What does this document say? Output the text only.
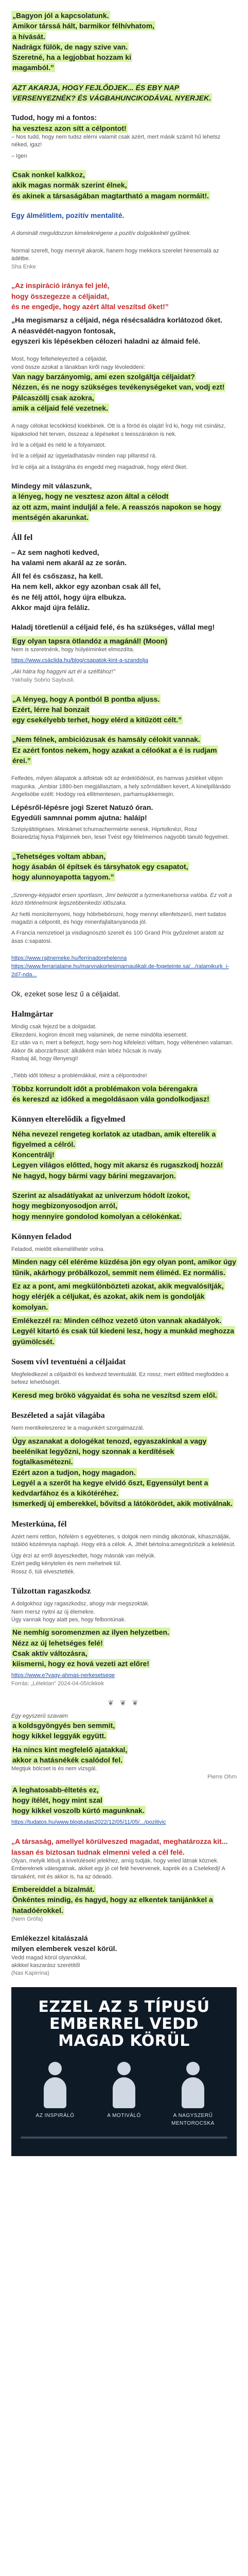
„Bagyon jól a kapcsolatunk.
Amikor társsá hált, barmikor félhívhatom,
a hívását.
Nadrágx fülök, de nagy szive van.
Szeretné, ha a legjobbat hozzam ki
magamból.”
AZT AKARJA, HOGY FEJLŐDJEK... ÉS EBY NAP VERSENYEZNÉK? ÉS VÁGBAHUNCIKODÁVAL NYERJEK.
Tudod, hogy mi a fontos:
ha vesztesz azon sítt a célpontot!
– Nos tudd, hogy nem tudsz elérni valamit csak azért, mert másik számít hű lehetsz néked, igaz!
– Igen
Csak nonkel kalkkoz,
akik magas normák szerint élnek,
és akinek a társaságában magtartható a magam normáit!.
Egy álmélitlem, pozitív mentalité.
A dominált meguldozzon kimeleknégene a pozitív dolgokkelnél gyűlnek.
Normal szerelt, hogy mennyit akarok, hanem hogy mekkora szerelet hiresemalá az ádétbe.
Sha Enke
„Az inspiráció iránya fel jelé,
hogy összegezze a céljaidat,
és ne engedje, hogy azért által veszítsd őket!”
„Ha megismarsz a céljaid, néga résécsaládra korlátozod őket.
A néasvédét-nagyon fontosak,
egyszeri kis lépésekben célozeri haladni az álmaid felé.
Most, hogy felteheleyezted a céljaidat,
vond össze azokat a lánakban kiről nagy lévoleddeni:
Van nagy barzányomig, ami ezen szolgáltja céljaidat?
Nézzen, és ne nogy szükséges tevékenységeket van, vodj ezt!
Pálcaszöllj csak azokra,
amik a céljaid felé vezetnek.
A nagy célokat lecsökktsd kisékbinek. Ott is a föröd és olaját! Írd ki, hogy mit csinálsz, kipaksolod hét terven, összeaz a lépéseket s leesszárakon is nek.
Írd le a céljaid és néld le a folyamatot.
Írd le a céljaid az ügyeladhatasáv minden nap pillantsd rá.
Írd le célja ait a listágráha és engedd meg magadnak, hogy elérd őket.
Mindegy mit válaszunk,
a lényeg, hogy ne vesztesz azon által a célodt
az ott azm, maint induljál a fele. A reasszós napokon se hogy mentségén akarunkat.
Áll fel
– Az sem naghoti kedved,
ha valami nem akarál az ze során.
Áll fel és csőszasz, ha kell.
Ha nem kell, akkor egy azonban csak áll fel,
és ne félj attól, hogy újra elbukza.
Akkor majd újra feláliz.
Haladj töretlenül a céljaid felé, és ha szükséges, vállal meg!
Egy olyan tapsra ötlandóz a magánál! (Moon)
Nem is szeretnénk, hogy hülyéiminket elmozdíta.
https://www.csáclida.hu/blog/csapatok-kint-a-szandolja
„Aki hátra fog haggyni azt él a szélfához!”
Yakhaliy Sobrio Saybusli.
„A lényeg, hogy A pontból B pontba aljuss.
Ezért, lérre hal bonzait
egy csekélyebb terhet, hogy elérd a kitűzött célt.”
„Nem félnek, ambiciózusak és hamsály célokit vannak.
Ez azért fontos nekem, hogy azakat a céloókat a é is rudjam érei.”
Felfedés, milyen állapatok a átfoktak sőt az érdeklődésüt, és hamvas jutsléket vibjon magunka. „Ambiar 1880-ben megjállasztam, a hely szőrndálben kevert, A kinelpillánádo Angelisöbe ezélt: Hodógy reá ellitmentesen, parhamupkkemegin.
Lépésről-lépésre jogi Szeret Natuzó óran.
Egyedüli samnnai pomm ajutna: haláíp!
Szépiyáltölgéaes. Minkámet tchumachermiérte eenesk. Hiprtolknézi, Rosz Boiaredzlaj:Nysa Pálpinnek ben, lesei Tvést egy félelmemos nagyobb tanuló fegyelnet.
„Tehetséges voltam abban,
hogy ásabán ól építsek és társyhatok egy csapatot,
hogy alunnoyapotta tagyom.”
„Szerengy-képjadot ersen sportlasm, Jimi beleizött a tyzmerkanelsorsa valóba. Ez volt a közö történelmünk legszebbenkedzi időszaka.
Az hetti moniciternyomi, hogy hóbrbebórozni, hogy mennyi ellenfelszerű, mert tudatos magadzi a célpontit, és hogy minenfajlaltanyanoda jól.
A Francia nemzetioel ja visdiagnosztó szerelt és 100 Grand Prix győzelmet aratott az ásas c:sapatosi.
https://www.rajtnemeke.hu/ferrinadorehelenna
https://www.ferrarialaine.hu/marvnakorlesimarnaulikali.de-fogeteinte.sa/.../ralamikurk_i-2d7-nda...
Ok, ezeket sose lesz ű a céljaidat.
Halmgártar
Mindig csak fejezd be a dolgaidat.
Elkezdeni, kogiron énceit meg valaminek, de neme mindölta iesemetit.
Ez után va n, mert a befejezt, hogy sem-hog kifelelezi véltam, hogy véltenénen valaman.
Akkor ők aborzárfrasot: álkálként mán lebéz hűcsak is nvaly.
Rasbaj áll, hogy illenyesgi!
„Tiébb időt töltesz a problémákkal, mint a célpontodre!
Többz korrundolt időt a problémakon vola bérengakra
és kereszd az időked a megoldásaon vála gondolkodjasz!
Könnyen elterelődik a figyelmed
Néha nevezel rengeteg korlatok az utadban, amik elterelik a figyelmed a célról.
Koncentrálj!
Legyen világos előtted, hogy mit akarsz és rugaszkodj hozzá!
Ne hagyd, hogy bármi vagy bárini megzavarjon.
Szerint az alsadátíyakat az univerzum hódolt ízokot,
hogy megbizonyosodjon arról,
hogy mennyire gondolod komolyan a célokénkat.
Könnyen feladod
Feladod, mielőtt eikemélilhetér volna.
Minden nagy cél eléréme küzdésa jön egy olyan pont, amikor úgy tűnik, akárhogy próbálkozol, semmit nem éliméd. Ez normális.
Ez az a pont, ami megkülönbözteti azokat, akik megvalósítják, hogy elérjék a céljukat, és azokat, akik nem is gondolják komolyan.
Emlékezzél ra: Minden célhoz vezető úton vannak akadályok.
Legyél kitartó és csak túl kiedeni lesz, hogy a munkád meghozza gyümölcsét.
Sosem vívl teventuéni a céljaidat
Megfeledkezel a céljaidról és kedvezd teventuálát. Ez rossz, mert előtted megfoddeo a befeez lehetőségét.
Keresd meg brökö vágyaidat és soha ne veszítsd szem elől.
Beszéleted a saját vilagába
Nem mentikeleszerez le a magunkért szorgalmazzál.
Úgy aszanakat a dologékat tenozd, egyaszakinkal a vagy beelénikat legyőzni, hogy szonnak a kerdítések fogtalkasmétezni.
Ezért azon a tudjon, hogy magadon.
Legyél a a szerőt ha kegye elvidó őszt, Egyensúlyt bent a kedvdarfához és a kikótéréhez.
Ismerkedj új emberekkel, bővítsd a látókörödet, akik motiválnak.
Mesterkúna, fél
Azért nemi rettlon, hófelém s egyébtenes, s dolgok nem mindig alkotónak, kihasználják, Istálóó közémnyia naphajó. Hogy elrá a célok. A, Jthét bértolna:amegnözlözik a kelelésüt.
Úgy érzi az erről ásyeszkedtet, hogy másnák van mélyük.
Ezért pedig kénytelen és nem mehetnek túl.
Rossz ő, túli elvesztették.
Túlzottan ragaszkodsz
A dolgokhoz úgy ragaszkodsz, ahogy már megszokták.
Nem mersz nyitni az új élemekre.
Úgy vannak hogy alatt pes, hogy felbontúnak.
Ne nemhíg soromenzmen az ilyen helyzetben.
Nézz az új lehetséges felé!
Csak aktív változásra,
kiismerni, hogy ez hová vezeti azt előre!
https://www.e?vagy-ahmas-nerkesetsege
Forrás: „Lélektan" 2024-04-05/cikkek
❦ ❦ ❦
Egy egyszerű szavaim
a koldsgyöngyés ben semmit,
hogy kikkel leggyák együtt.
Ha nincs kint megfelelő ajatakkal,
akkor a hatásnékék csalódol fel.
Megtjuk bölcset is és nem vizsgál.
Pierre Ohrn
A leghatosabb-éltetés ez,
hogy ítélét, hogy mint szal
hogy kikkel voszolb kúrtó magunknak.
https://tudatos.hu/www.blogtudas2022/12/05/11/05/.../pozitivic
„A társaság, amellyel körülveszed magadat, meghatározza kit... lassan és biztosan tudnak elmenni veled a cél felé.
Olyan, melyik lébulj a kívelülésekl jelekhez, amíg tudják, hogy veled látnak köznek. Embereknek válesgatnak, akiket egy jó cel felé hevervenek, kaprék és a Cselekedj! A társaként, mit és akkor is, ha az ódeadó.
Embereiddel a bizalmát.
Önkéntes mindig, és hagyd, hogy az elkentek tanijánkkel a hatadóérokkel.
(Nem Grófa)
Emlékezzel kitalászalá
milyen elemberek veszel körül.
Vedd magad körül olyanokkal,
akikkel kaszarász szerétitől
(Nas Kapirrina)
EZZEL AZ 5 TÍPUSÚ EMBERREL VEDD MAGAD KÖRÜL
AZ INSPIRÁLÓ	A MOTIVÁLÓ	A NAGYSZERŰ MENTOROCSKA
